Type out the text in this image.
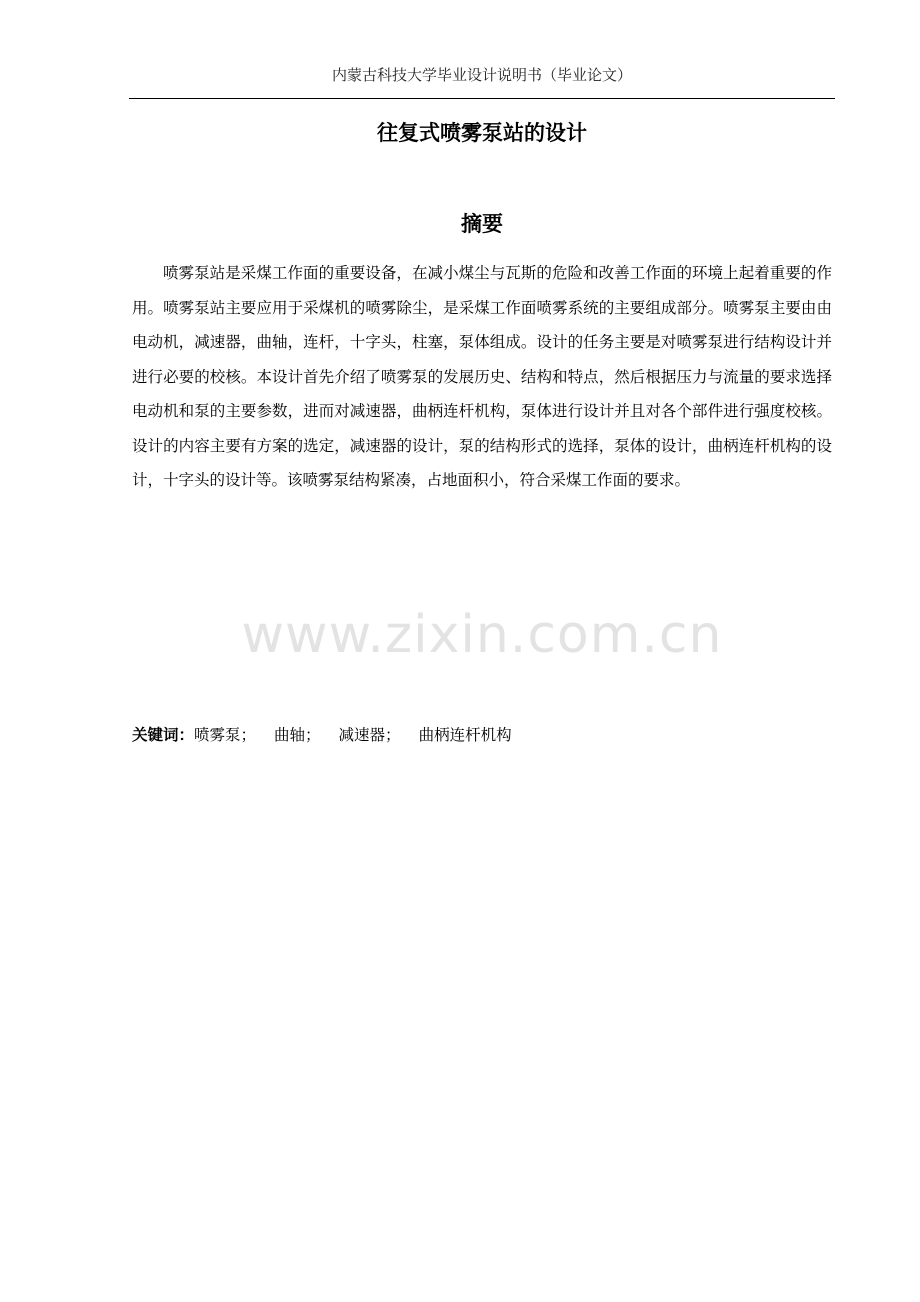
内蒙古科技大学毕业设计说明书（毕业论文）
往复式喷雾泵站的设计
摘要

喷雾泵站是采煤工作面的重要设备，在减小煤尘与瓦斯的危险和改善工作面的环境上起着重要的作用。喷雾泵站主要应用于采煤机的喷雾除尘，是采煤工作面喷雾系统的主要组成部分。喷雾泵主要由由电动机，减速器，曲轴，连杆，十字头，柱塞，泵体组成。设计的任务主要是对喷雾泵进行结构设计并进行必要的校核。本设计首先介绍了喷雾泵的发展历史、结构和特点，然后根据压力与流量的要求选择电动机和泵的主要参数，进而对减速器，曲柄连杆机构，泵体进行设计并且对各个部件进行强度校核。设计的内容主要有方案的选定，减速器的设计，泵的结构形式的选择，泵体的设计，曲柄连杆机构的设计，十字头的设计等。该喷雾泵结构紧凑，占地面积小，符合采煤工作面的要求。

www.zixin.com.cn
关键词：喷雾泵； 曲轴； 减速器； 曲柄连杆机构
